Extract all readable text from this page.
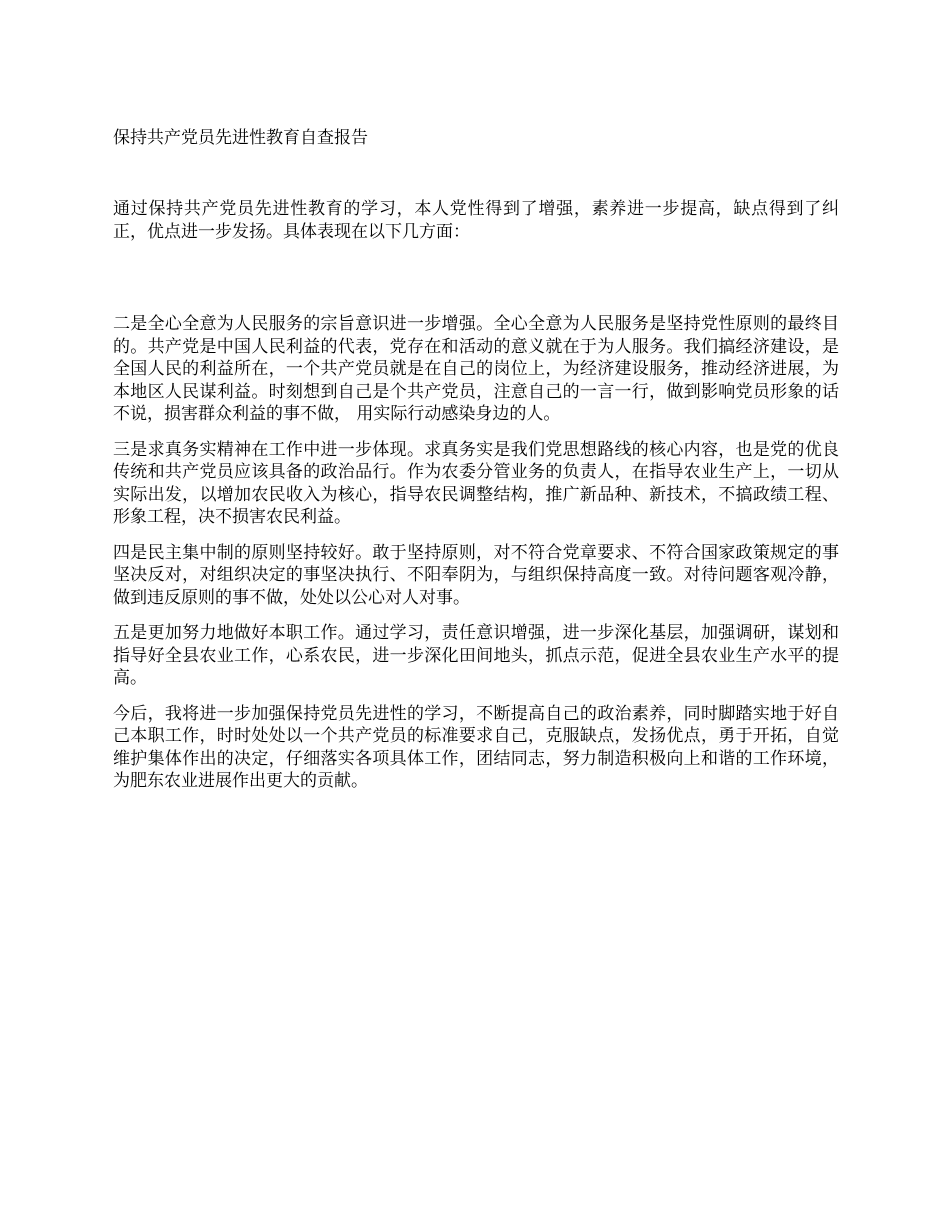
保持共产党员先进性教育自查报告

通过保持共产党员先进性教育的学习，本人党性得到了增强，素养进一步提高，缺点得到了纠正，优点进一步发扬。具体表现在以下几方面：

二是全心全意为人民服务的宗旨意识进一步增强。全心全意为人民服务是坚持党性原则的最终目的。共产党是中国人民利益的代表，党存在和活动的意义就在于为人服务。我们搞经济建设，是全国人民的利益所在，一个共产党员就是在自己的岗位上，为经济建设服务，推动经济进展，为本地区人民谋利益。时刻想到自己是个共产党员，注意自己的一言一行，做到影响党员形象的话不说，损害群众利益的事不做， 用实际行动感染身边的人。

三是求真务实精神在工作中进一步体现。求真务实是我们党思想路线的核心内容，也是党的优良传统和共产党员应该具备的政治品行。作为农委分管业务的负责人，在指导农业生产上，一切从实际出发，以增加农民收入为核心，指导农民调整结构，推广新品种、新技术，不搞政绩工程、形象工程，决不损害农民利益。

四是民主集中制的原则坚持较好。敢于坚持原则，对不符合党章要求、不符合国家政策规定的事坚决反对，对组织决定的事坚决执行、不阳奉阴为，与组织保持高度一致。对待问题客观冷静，做到违反原则的事不做，处处以公心对人对事。

五是更加努力地做好本职工作。通过学习，责任意识增强，进一步深化基层，加强调研，谋划和指导好全县农业工作，心系农民，进一步深化田间地头，抓点示范，促进全县农业生产水平的提高。

今后，我将进一步加强保持党员先进性的学习，不断提高自己的政治素养，同时脚踏实地于好自己本职工作，时时处处以一个共产党员的标准要求自己，克服缺点，发扬优点，勇于开拓，自觉维护集体作出的决定，仔细落实各项具体工作，团结同志，努力制造积极向上和谐的工作环境，为肥东农业进展作出更大的贡献。
